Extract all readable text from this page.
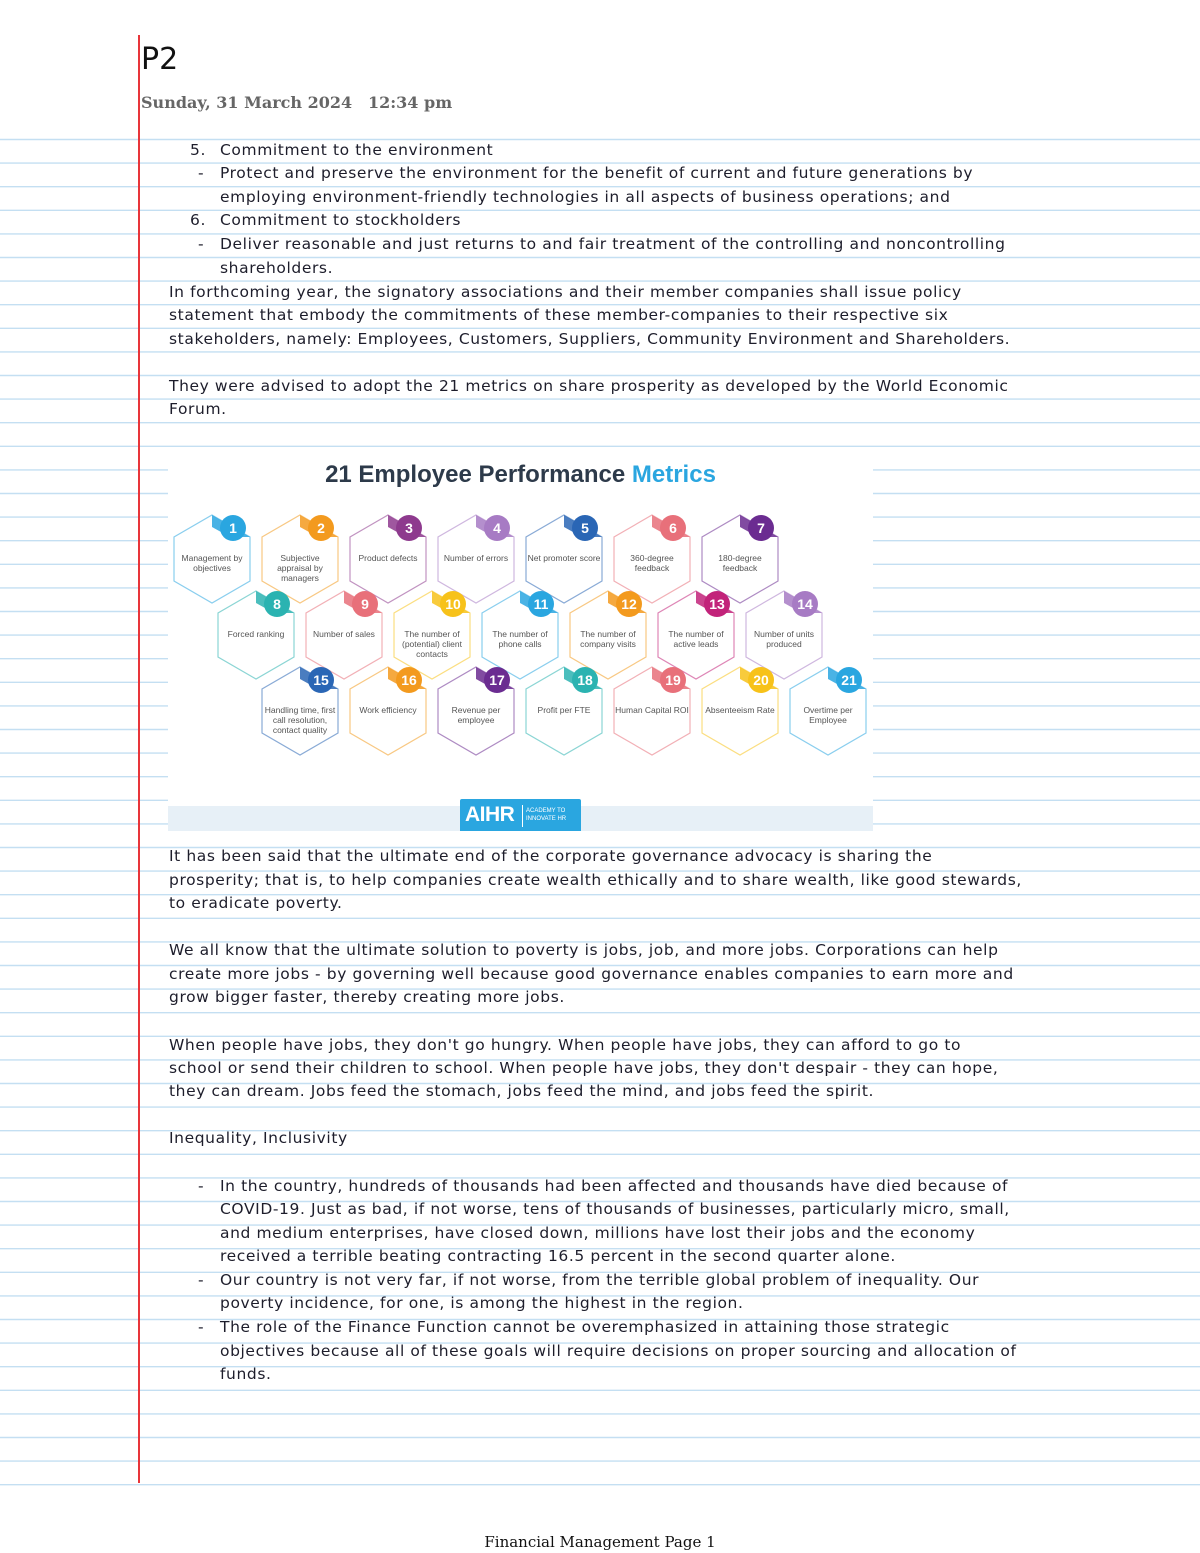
P2
Sunday, 31 March 2024 12:34 pm
5. Commitment to the environment
- Protect and preserve the environment for the benefit of current and future generations by
employing environment-friendly technologies in all aspects of business operations; and
6. Commitment to stockholders
- Deliver reasonable and just returns to and fair treatment of the controlling and noncontrolling
shareholders.
In forthcoming year, the signatory associations and their member companies shall issue policy
statement that embody the commitments of these member-companies to their respective six
stakeholders, namely: Employees, Customers, Suppliers, Community Environment and Shareholders.
They were advised to adopt the 21 metrics on share prosperity as developed by the World Economic
Forum.
It has been said that the ultimate end of the corporate governance advocacy is sharing the
prosperity; that is, to help companies create wealth ethically and to share wealth, like good stewards,
to eradicate poverty.
We all know that the ultimate solution to poverty is jobs, job, and more jobs. Corporations can help
create more jobs - by governing well because good governance enables companies to earn more and
grow bigger faster, thereby creating more jobs.
When people have jobs, they don't go hungry. When people have jobs, they can afford to go to
school or send their children to school. When people have jobs, they don't despair - they can hope,
they can dream. Jobs feed the stomach, jobs feed the mind, and jobs feed the spirit.
Inequality, Inclusivity
- In the country, hundreds of thousands had been affected and thousands have died because of
COVID-19. Just as bad, if not worse, tens of thousands of businesses, particularly micro, small,
and medium enterprises, have closed down, millions have lost their jobs and the economy
received a terrible beating contracting 16.5 percent in the second quarter alone.
- Our country is not very far, if not worse, from the terrible global problem of inequality. Our
poverty incidence, for one, is among the highest in the region.
- The role of the Finance Function cannot be overemphasized in attaining those strategic
objectives because all of these goals will require decisions on proper sourcing and allocation of
funds.
21 Employee Performance Metrics
1
Management by objectives
2
Subjective appraisal by managers
3
Product defects
4
Number of errors
5
Net promoter score
6
360-degree feedback
7
180-degree feedback
8
Forced ranking
9
Number of sales
10
The number of (potential) client contacts
11
The number of phone calls
12
The number of company visits
13
The number of active leads
14
Number of units produced
15
Handling time, first call resolution, contact quality
16
Work efficiency
17
Revenue per employee
18
Profit per FTE
19
Human Capital ROI
20
Absenteeism Rate
21
Overtime per Employee
AIHR ACADEMY TO INNOVATE HR
Financial Management Page 1
